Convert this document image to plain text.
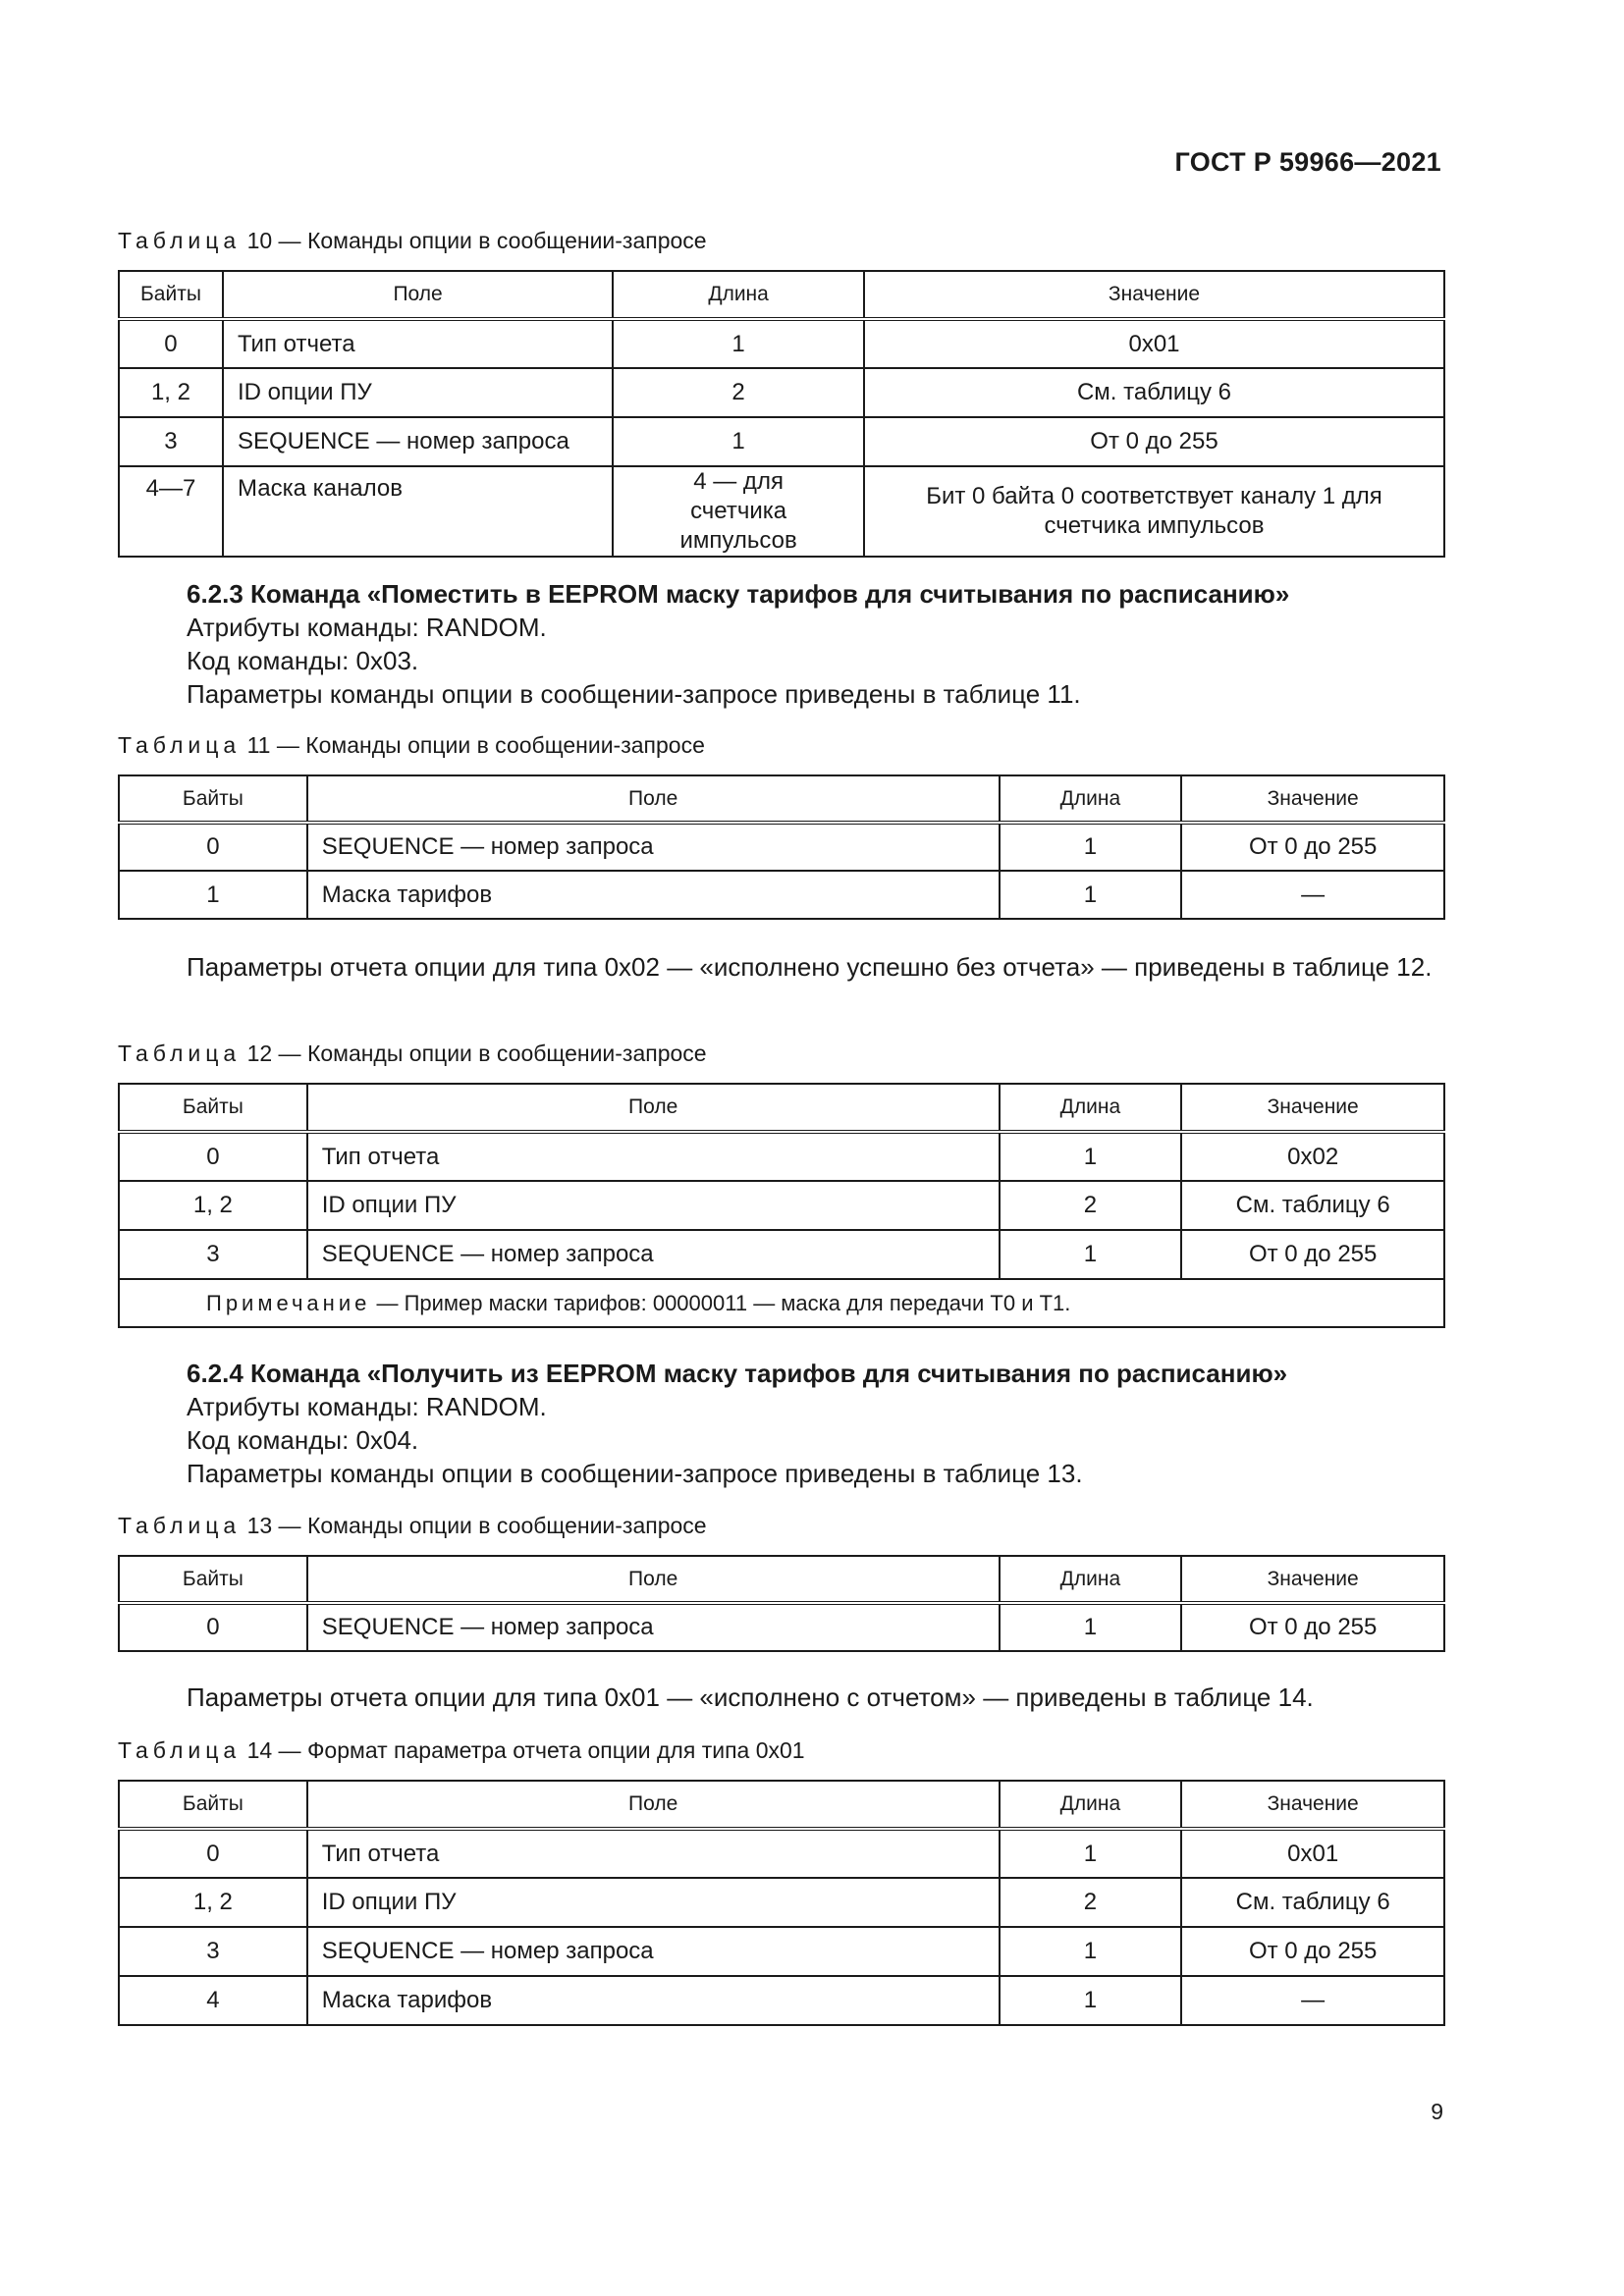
ГОСТ Р 59966—2021
Таблица 10 — Команды опции в сообщении-запросе
Байты	Поле	Длина	Значение
0	Тип отчета	1	0x01
1, 2	ID опции ПУ	2	См. таблицу 6
3	SEQUENCE — номер запроса	1	От 0 до 255
4—7	Маска каналов	4 — для счетчика импульсов	Бит 0 байта 0 соответствует каналу 1 для счетчика импульсов
6.2.3 Команда «Поместить в EEPROM маску тарифов для считывания по расписанию»
Атрибуты команды: RANDOM.
Код команды: 0x03.
Параметры команды опции в сообщении-запросе приведены в таблице 11.
Таблица 11 — Команды опции в сообщении-запросе
Байты	Поле	Длина	Значение
0	SEQUENCE — номер запроса	1	От 0 до 255
1	Маска тарифов	1	—
Параметры отчета опции для типа 0x02 — «исполнено успешно без отчета» — приведены в таблице 12.
Таблица 12 — Команды опции в сообщении-запросе
Байты	Поле	Длина	Значение
0	Тип отчета	1	0x02
1, 2	ID опции ПУ	2	См. таблицу 6
3	SEQUENCE — номер запроса	1	От 0 до 255
Примечание — Пример маски тарифов: 00000011 — маска для передачи T0 и T1.			
6.2.4 Команда «Получить из EEPROM маску тарифов для считывания по расписанию»
Атрибуты команды: RANDOM.
Код команды: 0x04.
Параметры команды опции в сообщении-запросе приведены в таблице 13.
Таблица 13 — Команды опции в сообщении-запросе
Байты	Поле	Длина	Значение
0	SEQUENCE — номер запроса	1	От 0 до 255
Параметры отчета опции для типа 0x01 — «исполнено с отчетом» — приведены в таблице 14.
Таблица 14 — Формат параметра отчета опции для типа 0x01
Байты	Поле	Длина	Значение
0	Тип отчета	1	0x01
1, 2	ID опции ПУ	2	См. таблицу 6
3	SEQUENCE — номер запроса	1	От 0 до 255
4	Маска тарифов	1	—
9
